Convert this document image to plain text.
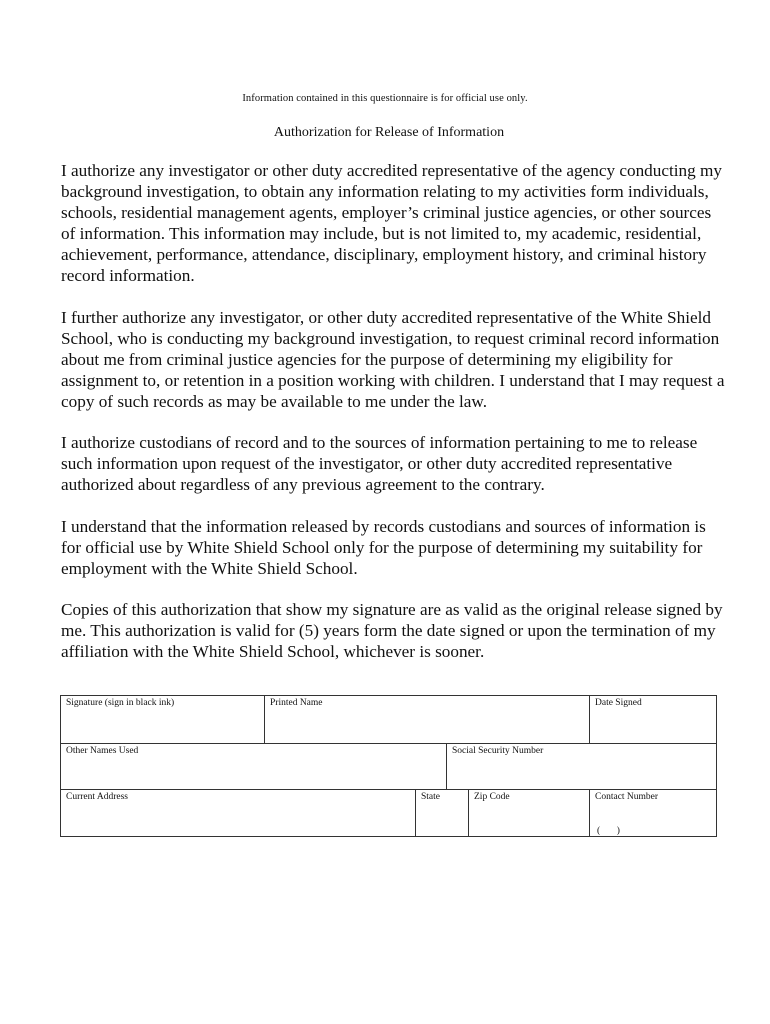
Information contained in this questionnaire is for official use only.
Authorization for Release of Information

I authorize any investigator or other duty accredited representative of the agency conducting my background investigation, to obtain any information relating to my activities form individuals, schools, residential management agents, employer’s criminal justice agencies, or other sources of information. This information may include, but is not limited to, my academic, residential, achievement, performance, attendance, disciplinary, employment history, and criminal history record information.

I further authorize any investigator, or other duty accredited representative of the White Shield School, who is conducting my background investigation, to request criminal record information about me from criminal justice agencies for the purpose of determining my eligibility for assignment to, or retention in a position working with children. I understand that I may request a copy of such records as may be available to me under the law.

I authorize custodians of record and to the sources of information pertaining to me to release such information upon request of the investigator, or other duty accredited representative authorized about regardless of any previous agreement to the contrary.

I understand that the information released by records custodians and sources of information is for official use by White Shield School only for the purpose of determining my suitability for employment with the White Shield School.

Copies of this authorization that show my signature are as valid as the original release signed by me. This authorization is valid for (5) years form the date signed or upon the termination of my affiliation with the White Shield School, whichever is sooner.

Signature (sign in black ink)	Printed Name	Date Signed
Other Names Used	Social Security Number
Current Address	State	Zip Code	Contact Number
(       )
